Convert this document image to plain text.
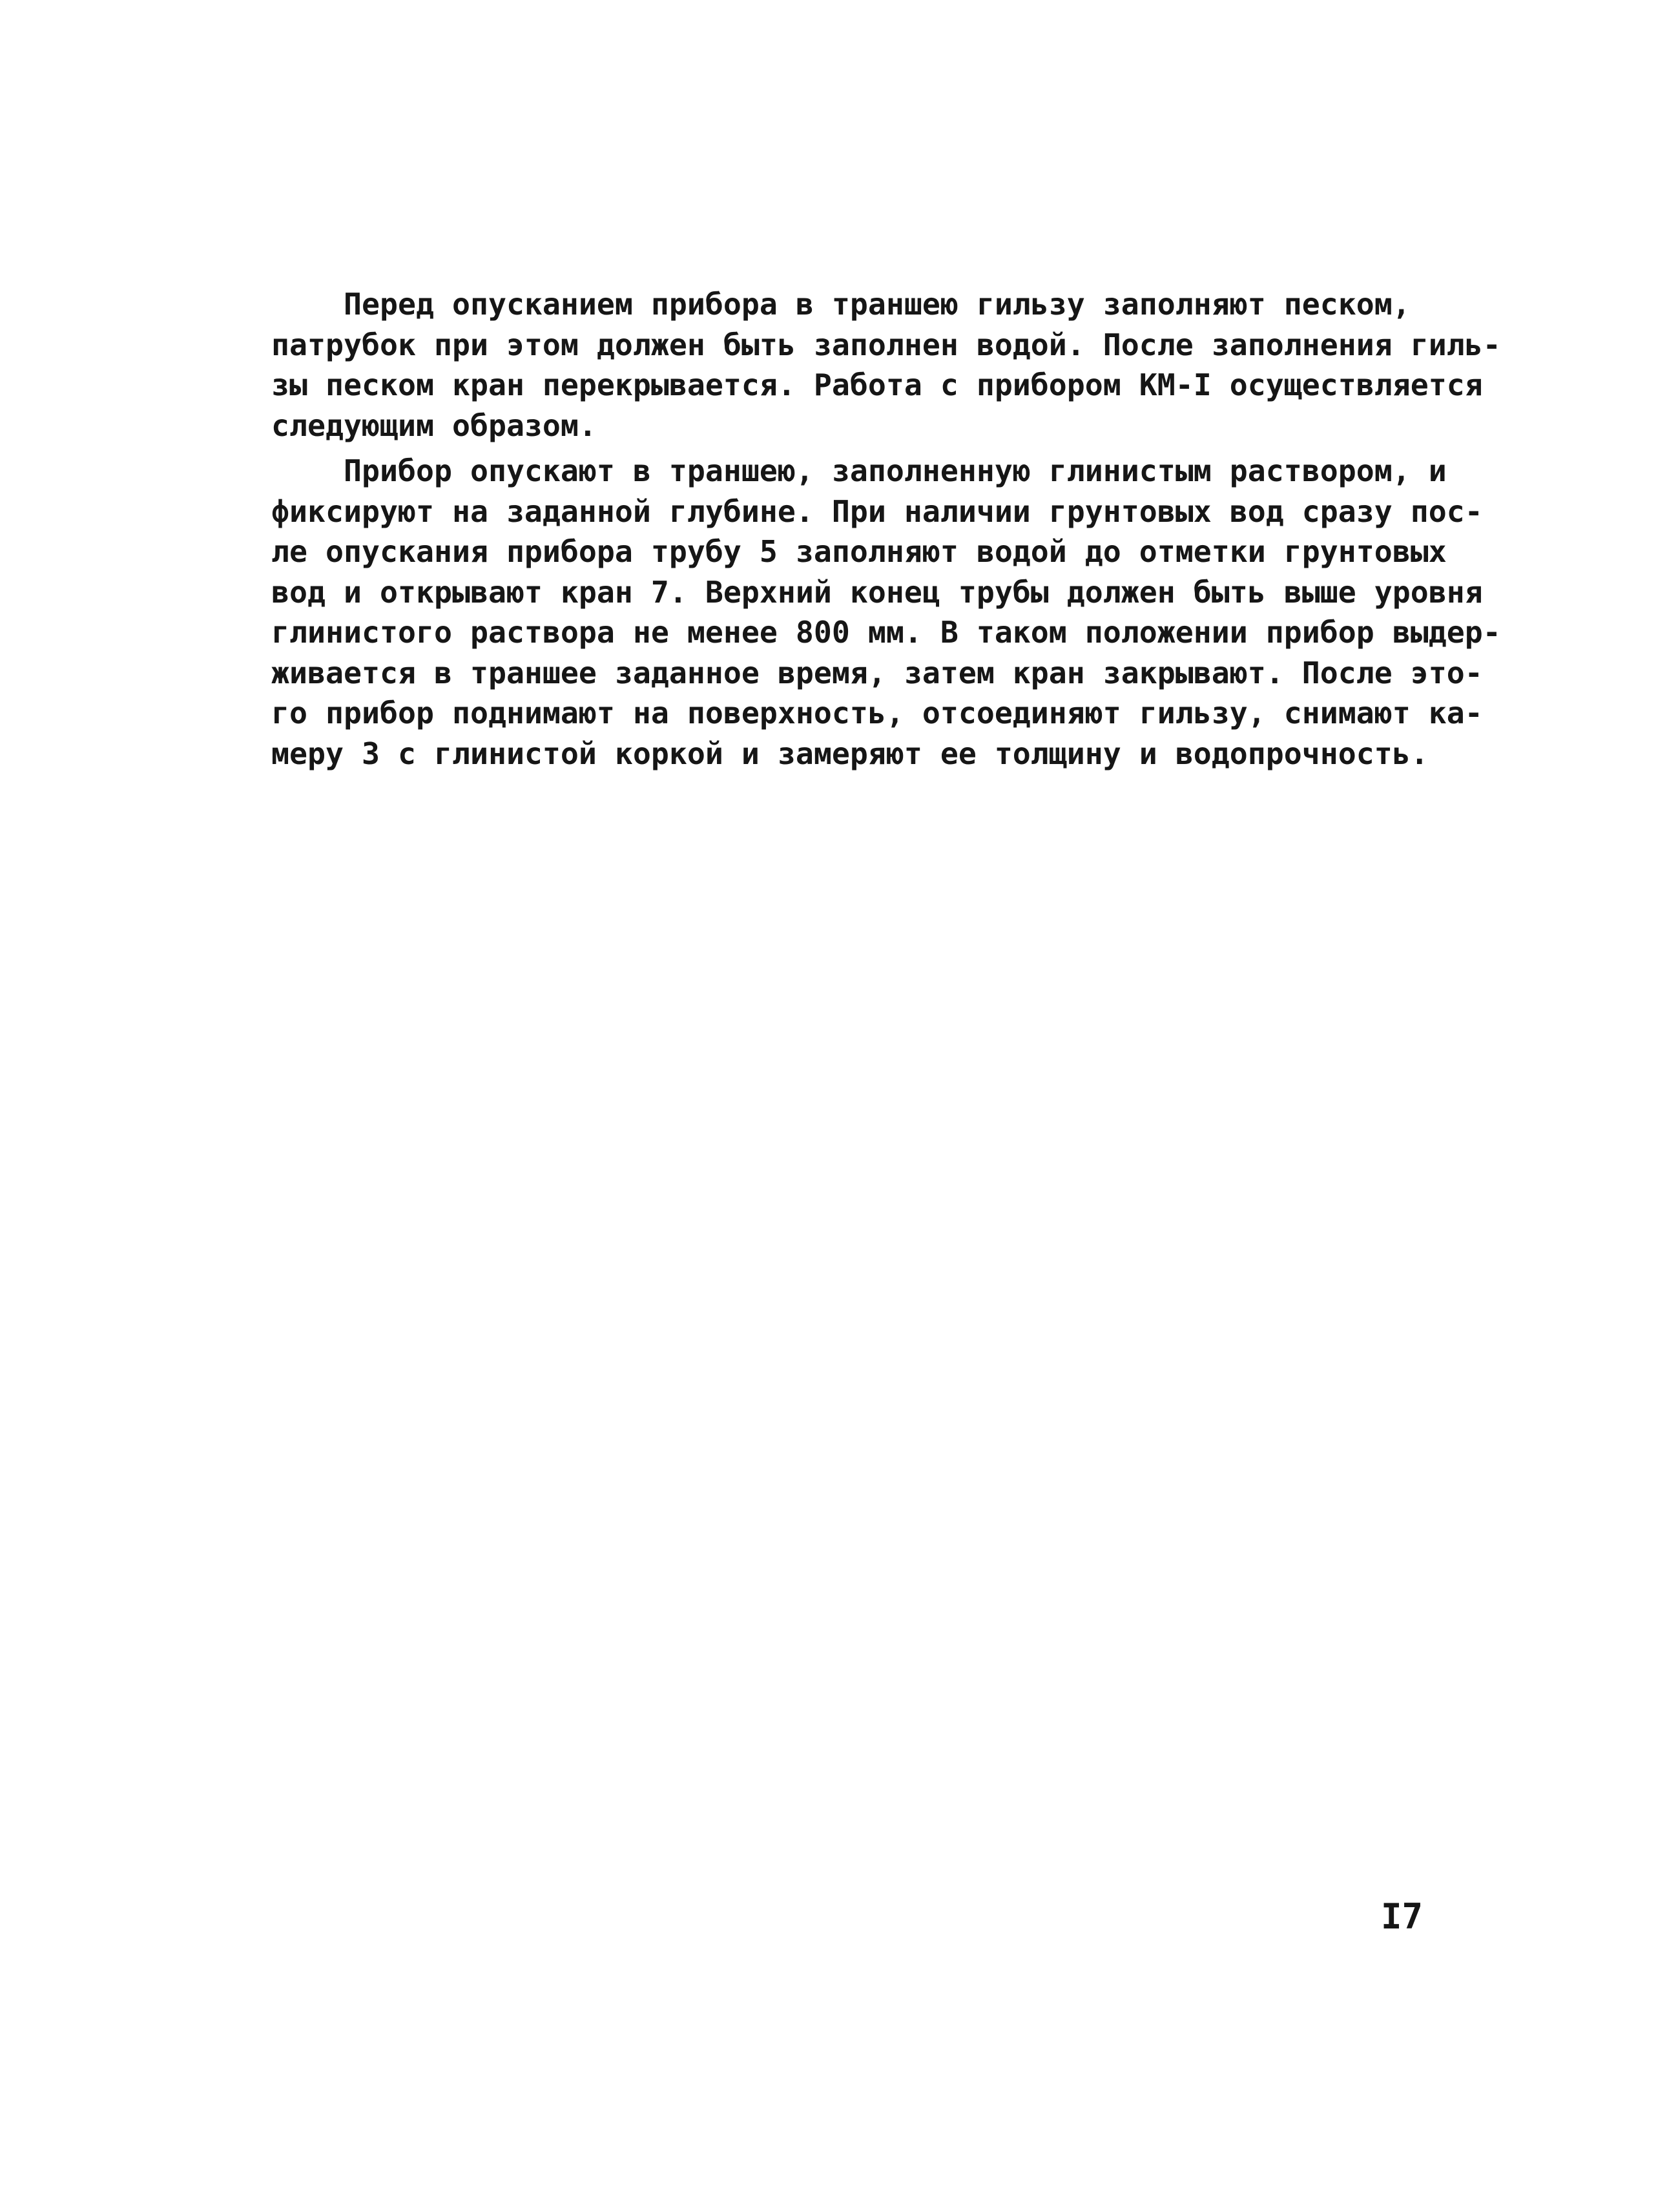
Перед опусканием прибора в траншею гильзу заполняют песком,
патрубок при этом должен быть заполнен водой. После заполнения гиль-
зы песком кран перекрывается. Работа с прибором КМ-I осуществляется
следующим образом.
Прибор опускают в траншею, заполненную глинистым раствором, и
фиксируют на заданной глубине. При наличии грунтовых вод сразу пос-
ле опускания прибора трубу 5 заполняют водой до отметки грунтовых
вод и открывают кран 7. Верхний конец трубы должен быть выше уровня
глинистого раствора не менее 800 мм. В таком положении прибор выдер-
живается в траншее заданное время, затем кран закрывают. После это-
го прибор поднимают на поверхность, отсоединяют гильзу, снимают ка-
меру 3 с глинистой коркой и замеряют ее толщину и водопрочность.
I7
